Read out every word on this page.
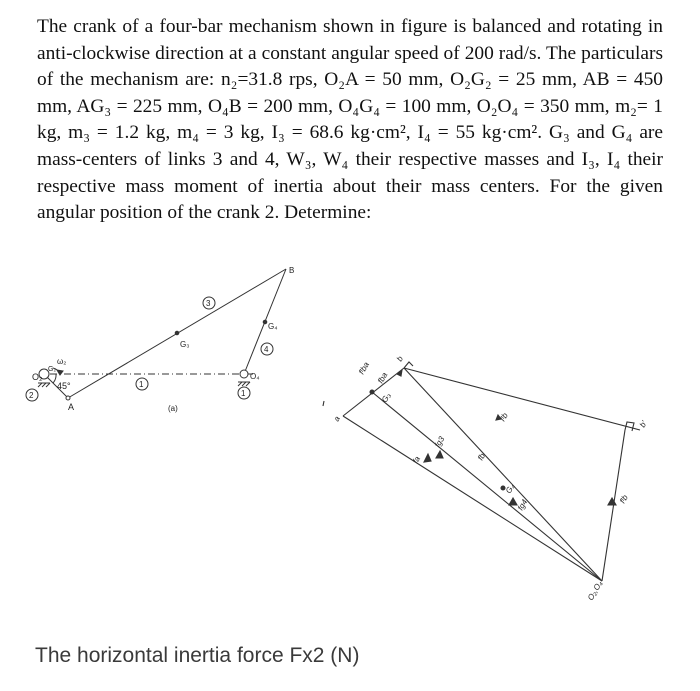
The crank of a four-bar mechanism shown in figure is balanced and rotating in anti-clockwise direction at a constant angular speed of 200 rad/s. The particulars of the mechanism are: n₂=31.8 rps, O₂A = 50 mm, O₂G₂ = 25 mm, AB = 450 mm, AG₃ = 225 mm, O₄B = 200 mm, O₄G₄ = 100 mm, O₂O₄ = 350 mm, m₂= 1 kg, m₃ = 1.2 kg, m₄ = 3 kg, I₃ = 68.6 kg·cm², I₄ = 55 kg·cm². G₃ and G₄ are mass-centers of links 3 and 4, W₃, W₄ their respective masses and I₃, I₄ their respective mass moment of inertia about their mass centers. For the given angular position of the crank 2. Determine:
O₂
G₂
ω₂
45°
A
2
1
1
G₃
3
B
G₄
4
O₄
(a)
a
b
b'
fa
fg3
fb
fg4
fᵗb
fᵗba
fba
G₃
G₄
fᵗb
O₂,O₄
The horizontal inertia force Fx2 (N)
